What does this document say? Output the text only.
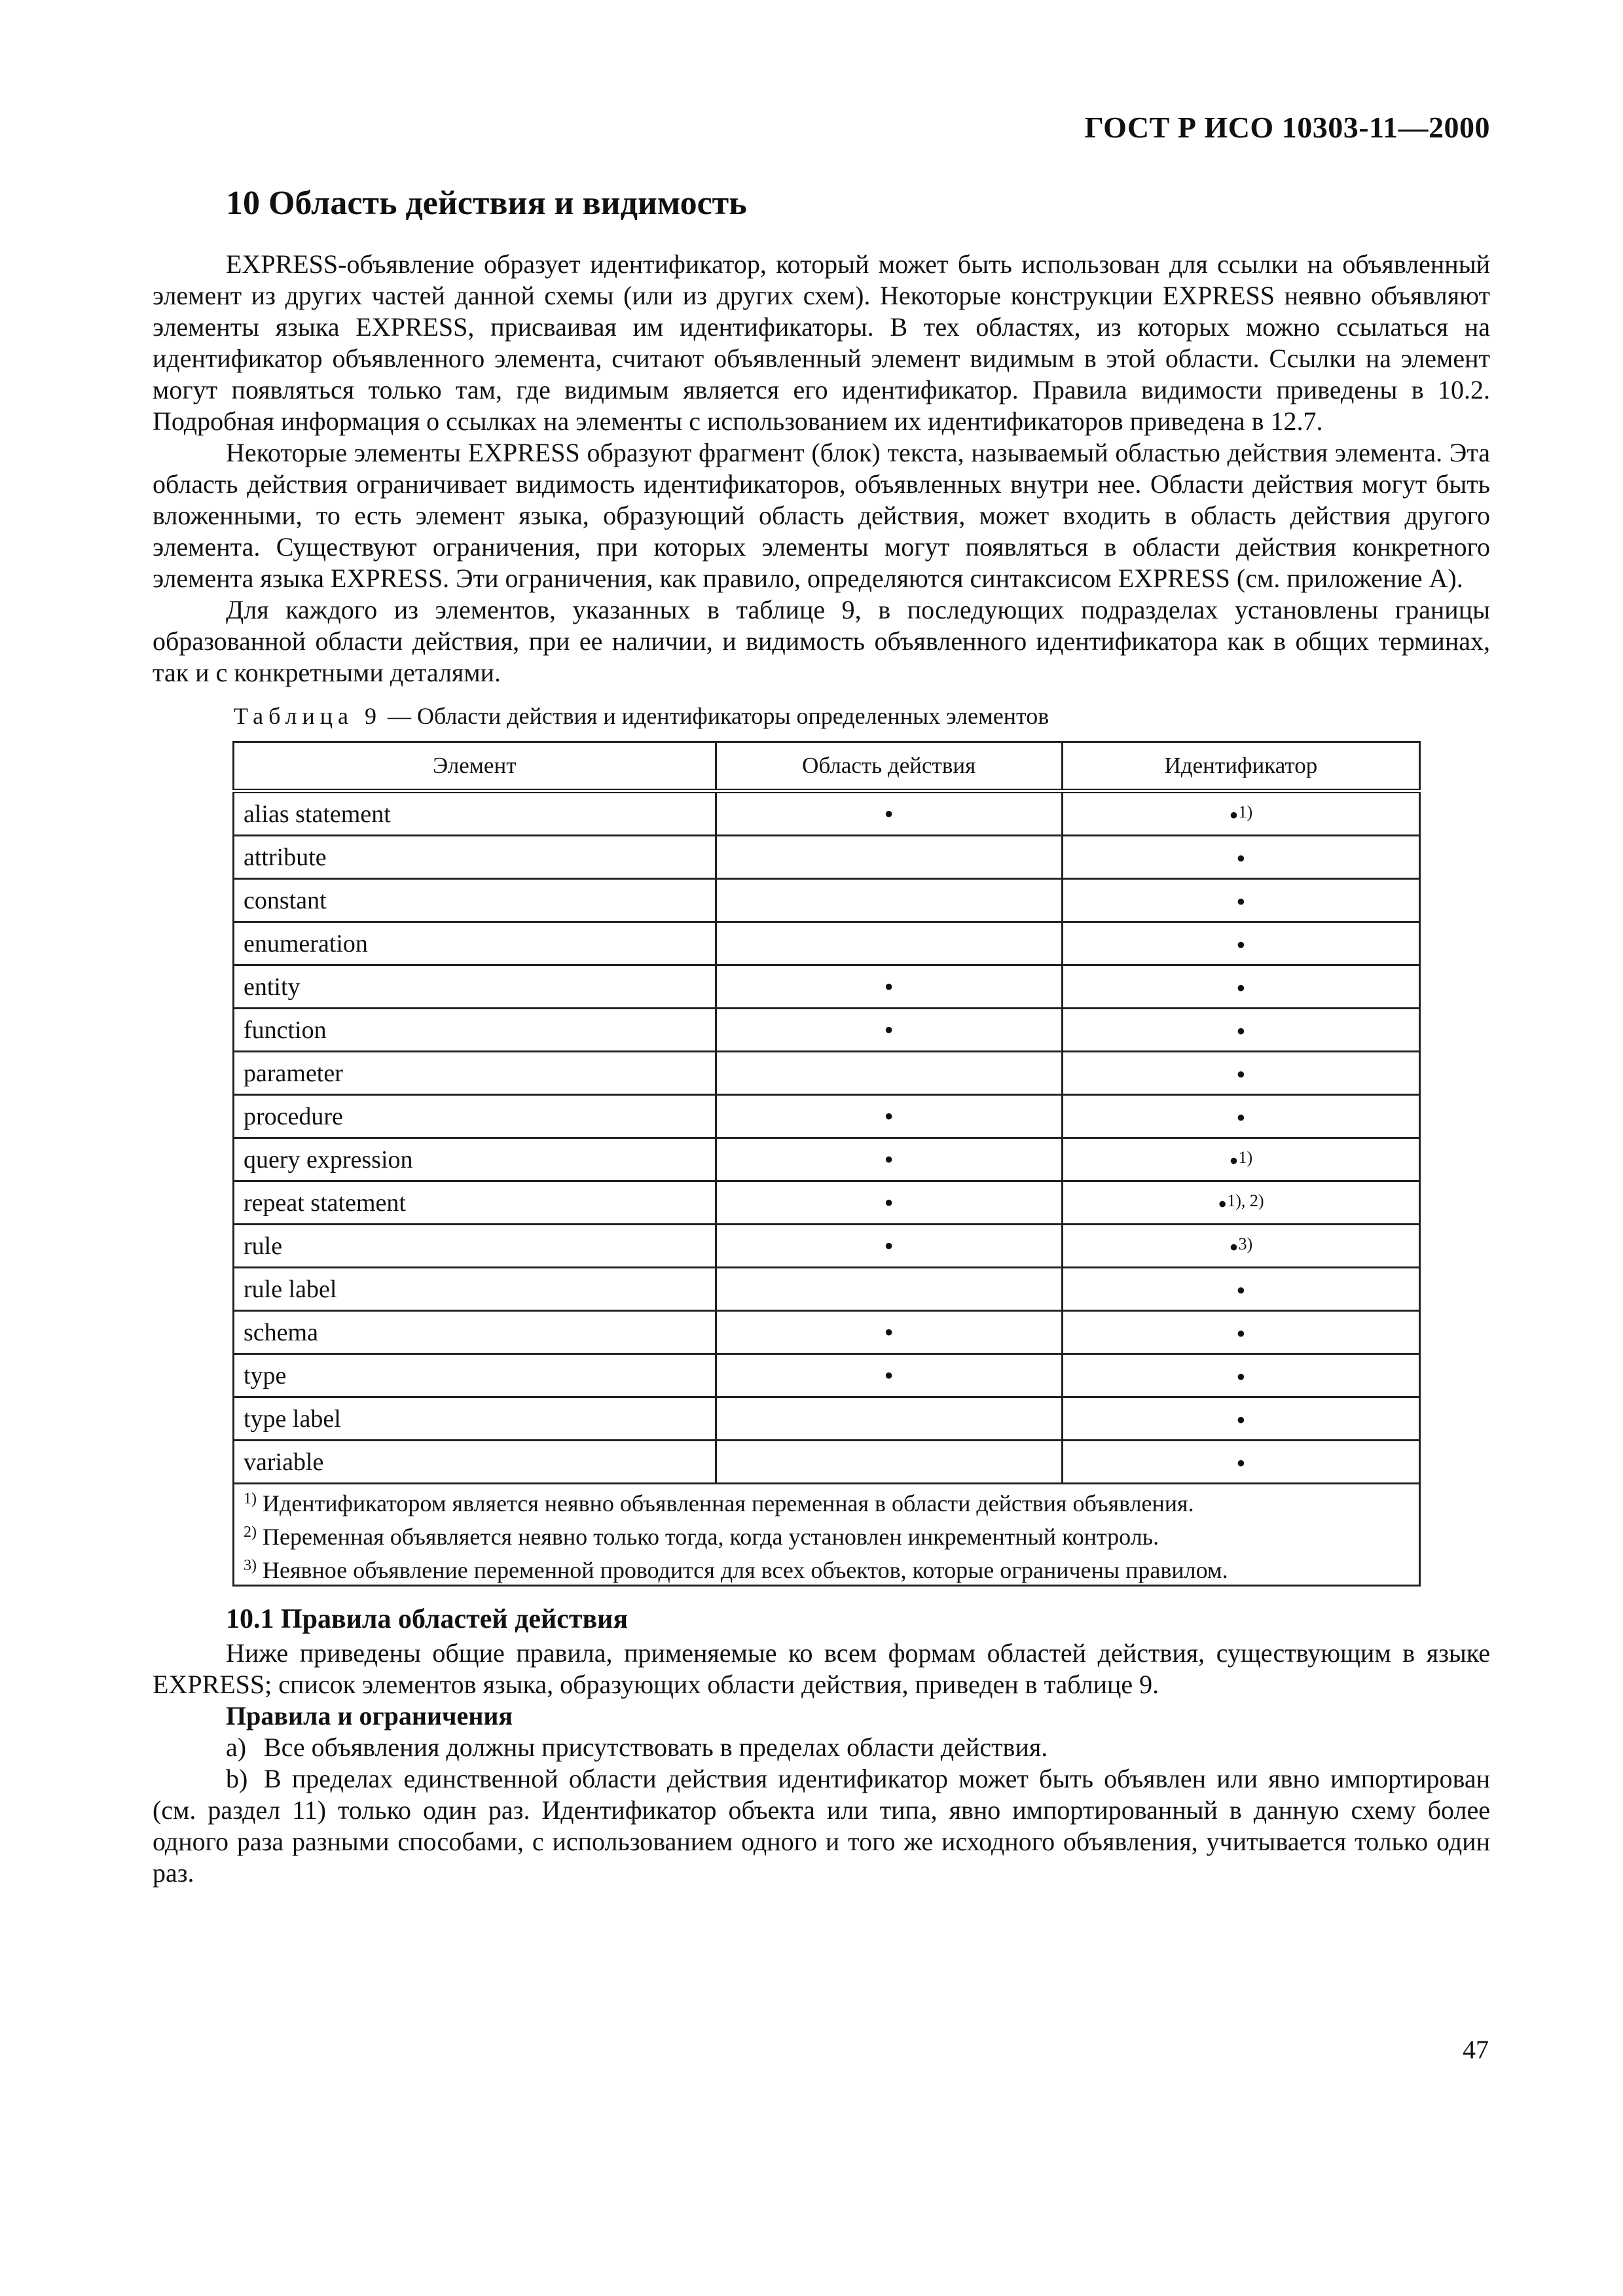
ГОСТ Р ИСО 10303-11—2000
10 Область действия и видимость

EXPRESS-объявление образует идентификатор, который может быть использован для ссылки на объявленный элемент из других частей данной схемы (или из других схем). Некоторые конструкции EXPRESS неявно объявляют элементы языка EXPRESS, присваивая им идентификаторы. В тех областях, из которых можно ссылаться на идентификатор объявленного элемента, считают объявленный элемент видимым в этой области. Ссылки на элемент могут появляться только там, где видимым является его идентификатор. Правила видимости приведены в 10.2. Подробная информация о ссылках на элементы с использованием их идентификаторов приведена в 12.7.

Некоторые элементы EXPRESS образуют фрагмент (блок) текста, называемый областью действия элемента. Эта область действия ограничивает видимость идентификаторов, объявленных внутри нее. Области действия могут быть вложенными, то есть элемент языка, образующий область действия, может входить в область действия другого элемента. Существуют ограничения, при которых элементы могут появляться в области действия конкретного элемента языка EXPRESS. Эти ограничения, как правило, определяются синтаксисом EXPRESS (см. приложение А).

Для каждого из элементов, указанных в таблице 9, в последующих подразделах установлены границы образованной области действия, при ее наличии, и видимость объявленного идентификатора как в общих терминах, так и с конкретными деталями.

Таблица 9 — Области действия и идентификаторы определенных элементов
Элемент	Область действия	Идентификатор
alias statement	•	•$^{1)}$
attribute		•
constant		•
enumeration		•
entity	•	•
function	•	•
parameter		•
procedure	•	•
query expression	•	•$^{1)}$
repeat statement	•	•$^{1), 2)}$
rule	•	•$^{3)}$
rule label		•
schema	•	•
type	•	•
type label		•
variable		•

$^{1)}$ Идентификатором является неявно объявленная переменная в области действия объявления.
$^{2)}$ Переменная объявляется неявно только тогда, когда установлен инкрементный контроль.
$^{3)}$ Неявное объявление переменной проводится для всех объектов, которые ограничены правилом.		
10.1 Правила областей действия

Ниже приведены общие правила, применяемые ко всем формам областей действия, существующим в языке EXPRESS; список элементов языка, образующих области действия, приведен в таблице 9.

Правила и ограничения

a) Все объявления должны присутствовать в пределах области действия.

b) В пределах единственной области действия идентификатор может быть объявлен или явно импортирован (см. раздел 11) только один раз. Идентификатор объекта или типа, явно импортированный в данную схему более одного раза разными способами, с использованием одного и того же исходного объявления, учитывается только один раз.

47
